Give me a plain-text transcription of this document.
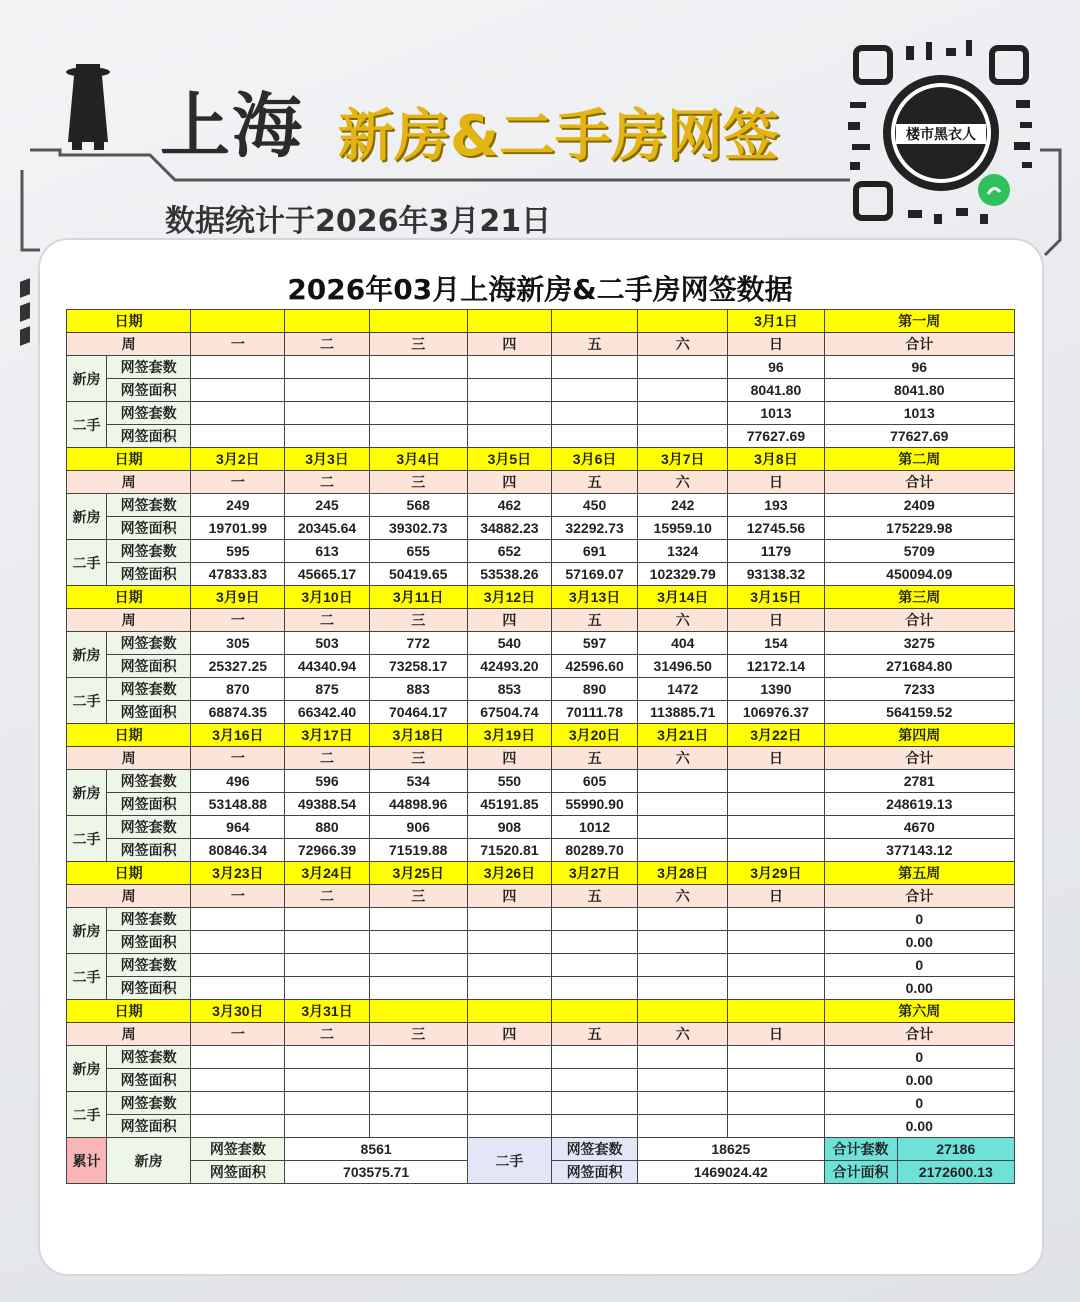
上海 新房&二手房网签
数据统计于2026年3月21日
楼市黑衣人
2026年03月上海新房&二手房网签数据
日期								3月1日	第一周
周		一	二	三	四	五	六	日	合计
新房	网签套数							96	96
	网签面积							8041.80	8041.80
二手	网签套数							1013	1013
	网签面积							77627.69	77627.69
日期		3月2日	3月3日	3月4日	3月5日	3月6日	3月7日	3月8日	第二周
周		一	二	三	四	五	六	日	合计
新房	网签套数	249	245	568	462	450	242	193	2409
	网签面积	19701.99	20345.64	39302.73	34882.23	32292.73	15959.10	12745.56	175229.98
二手	网签套数	595	613	655	652	691	1324	1179	5709
	网签面积	47833.83	45665.17	50419.65	53538.26	57169.07	102329.79	93138.32	450094.09
日期		3月9日	3月10日	3月11日	3月12日	3月13日	3月14日	3月15日	第三周
周		一	二	三	四	五	六	日	合计
新房	网签套数	305	503	772	540	597	404	154	3275
	网签面积	25327.25	44340.94	73258.17	42493.20	42596.60	31496.50	12172.14	271684.80
二手	网签套数	870	875	883	853	890	1472	1390	7233
	网签面积	68874.35	66342.40	70464.17	67504.74	70111.78	113885.71	106976.37	564159.52
日期		3月16日	3月17日	3月18日	3月19日	3月20日	3月21日	3月22日	第四周
周		一	二	三	四	五	六	日	合计
新房	网签套数	496	596	534	550	605			2781
	网签面积	53148.88	49388.54	44898.96	45191.85	55990.90			248619.13
二手	网签套数	964	880	906	908	1012			4670
	网签面积	80846.34	72966.39	71519.88	71520.81	80289.70			377143.12
日期		3月23日	3月24日	3月25日	3月26日	3月27日	3月28日	3月29日	第五周
周		一	二	三	四	五	六	日	合计
新房	网签套数								0
	网签面积								0.00
二手	网签套数								0
	网签面积								0.00
日期		3月30日	3月31日						第六周
周		一	二	三	四	五	六	日	合计
新房	网签套数								0
	网签面积								0.00
二手	网签套数								0
	网签面积								0.00
累计	新房	网签套数	8561		二手	网签套数	18625		合计套数 27186

		网签面积	703575.71			网签面积	1469024.42		合计面积 2172600.13
